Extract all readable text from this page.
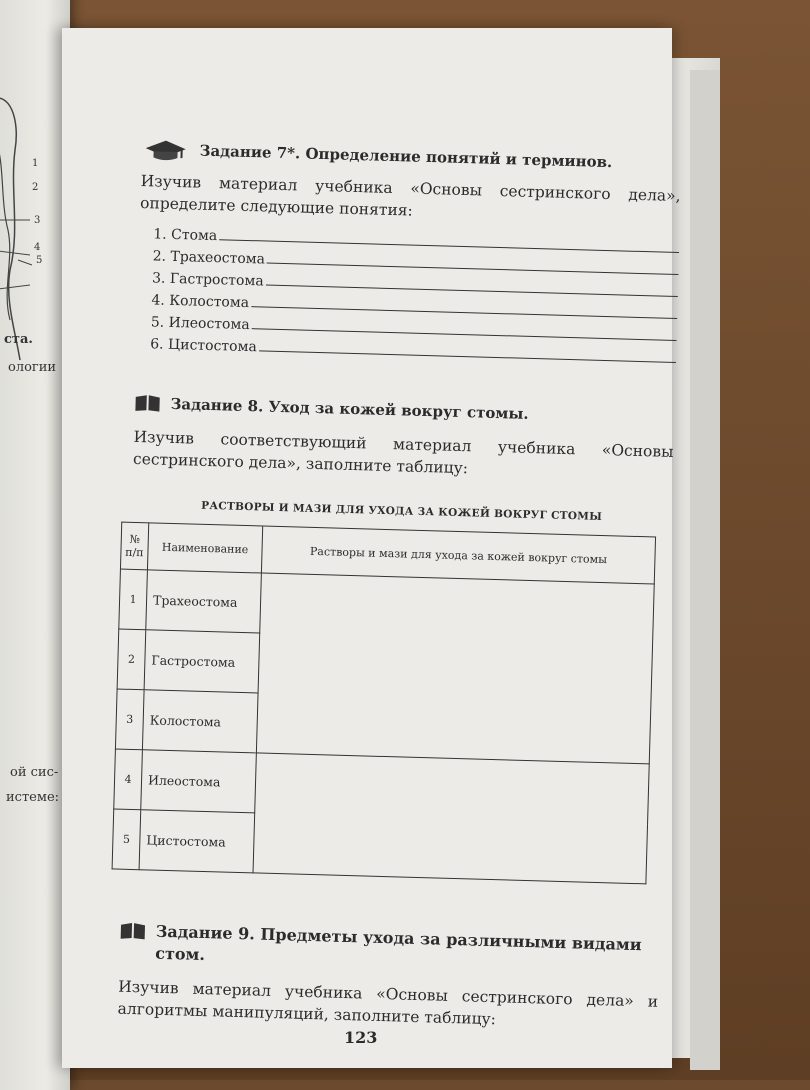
1
2
3
4
5
ста.
ологии
ой сис-
истеме:
Задание 7*. Определение понятий и терминов.

Изучив материал учебника «Основы сестринского дела», определите следующие понятия:

1. Стома
2. Трахеостома
3. Гастростома
4. Колостома
5. Илеостома
6. Цистостома
Задание 8. Уход за кожей вокруг стомы.

Изучив соответствующий материал учебника «Основы сестринского дела», заполните таблицу:

РАСТВОРЫ И МАЗИ ДЛЯ УХОДА ЗА КОЖЕЙ ВОКРУГ СТОМЫ
№ п/п	Наименование	Растворы и мази для ухода за кожей вокруг стомы
1	Трахеостома	
2	Гастростома	
3	Колостома	
4	Илеостома	
5	Цистостома	
Задание 9. Предметы ухода за различными видами стом.

Изучив материал учебника «Основы сестринского дела» и алгоритмы манипуляций, заполните таблицу:

123
